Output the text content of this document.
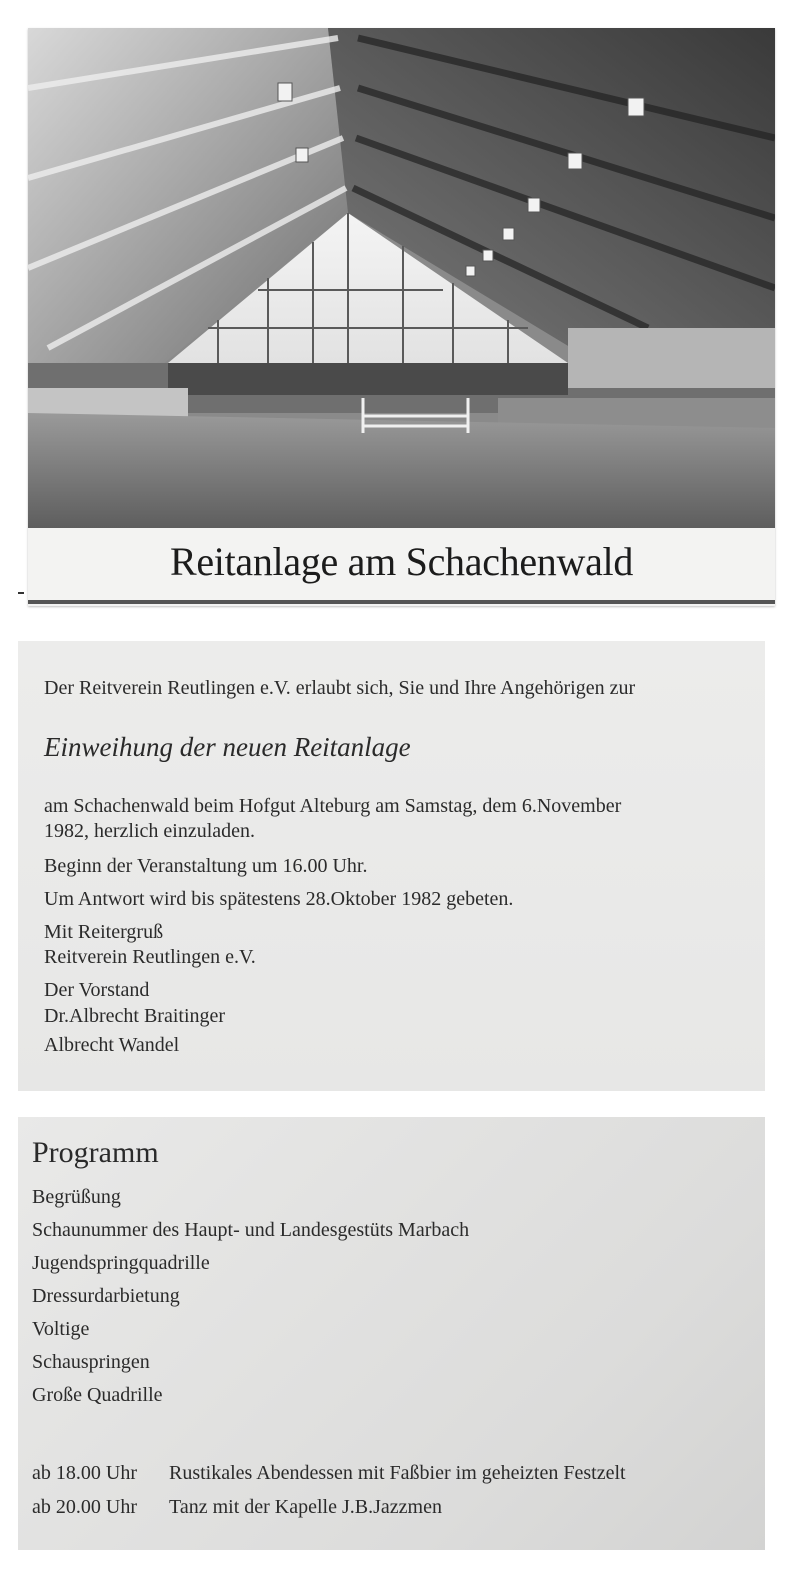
Reitanlage am Schachenwald
Der Reitverein Reutlingen e.V. erlaubt sich, Sie und Ihre Angehörigen zur
Einweihung der neuen Reitanlage
am Schachenwald beim Hofgut Alteburg am Samstag, dem 6.November
1982, herzlich einzuladen.
Beginn der Veranstaltung um 16.00 Uhr.
Um Antwort wird bis spätestens 28.Oktober 1982 gebeten.
Mit Reitergruß
Reitverein Reutlingen e.V.
Der Vorstand
Dr.Albrecht Braitinger
Albrecht Wandel
Programm
Begrüßung
Schaunummer des Haupt- und Landesgestüts Marbach
Jugendspringquadrille
Dressurdarbietung
Voltige
Schauspringen
Große Quadrille
ab 18.00 Uhr Rustikales Abendessen mit Faßbier im geheizten Festzelt
ab 20.00 Uhr Tanz mit der Kapelle J.B.Jazzmen
